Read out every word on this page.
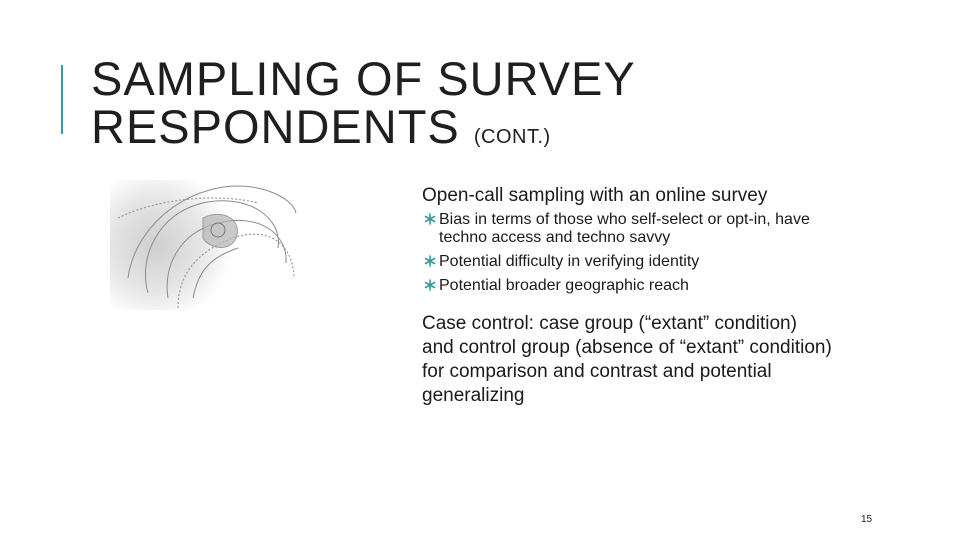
SAMPLING OF SURVEY
RESPONDENTS (CONT.)

Open-call sampling with an online survey

Bias in terms of those who self-select or opt-in, have techno access and techno savvy
Potential difficulty in verifying identity
Potential broader geographic reach

Case control: case group (“extant” condition) and control group (absence of “extant” condition) for comparison and contrast and potential generalizing

15
